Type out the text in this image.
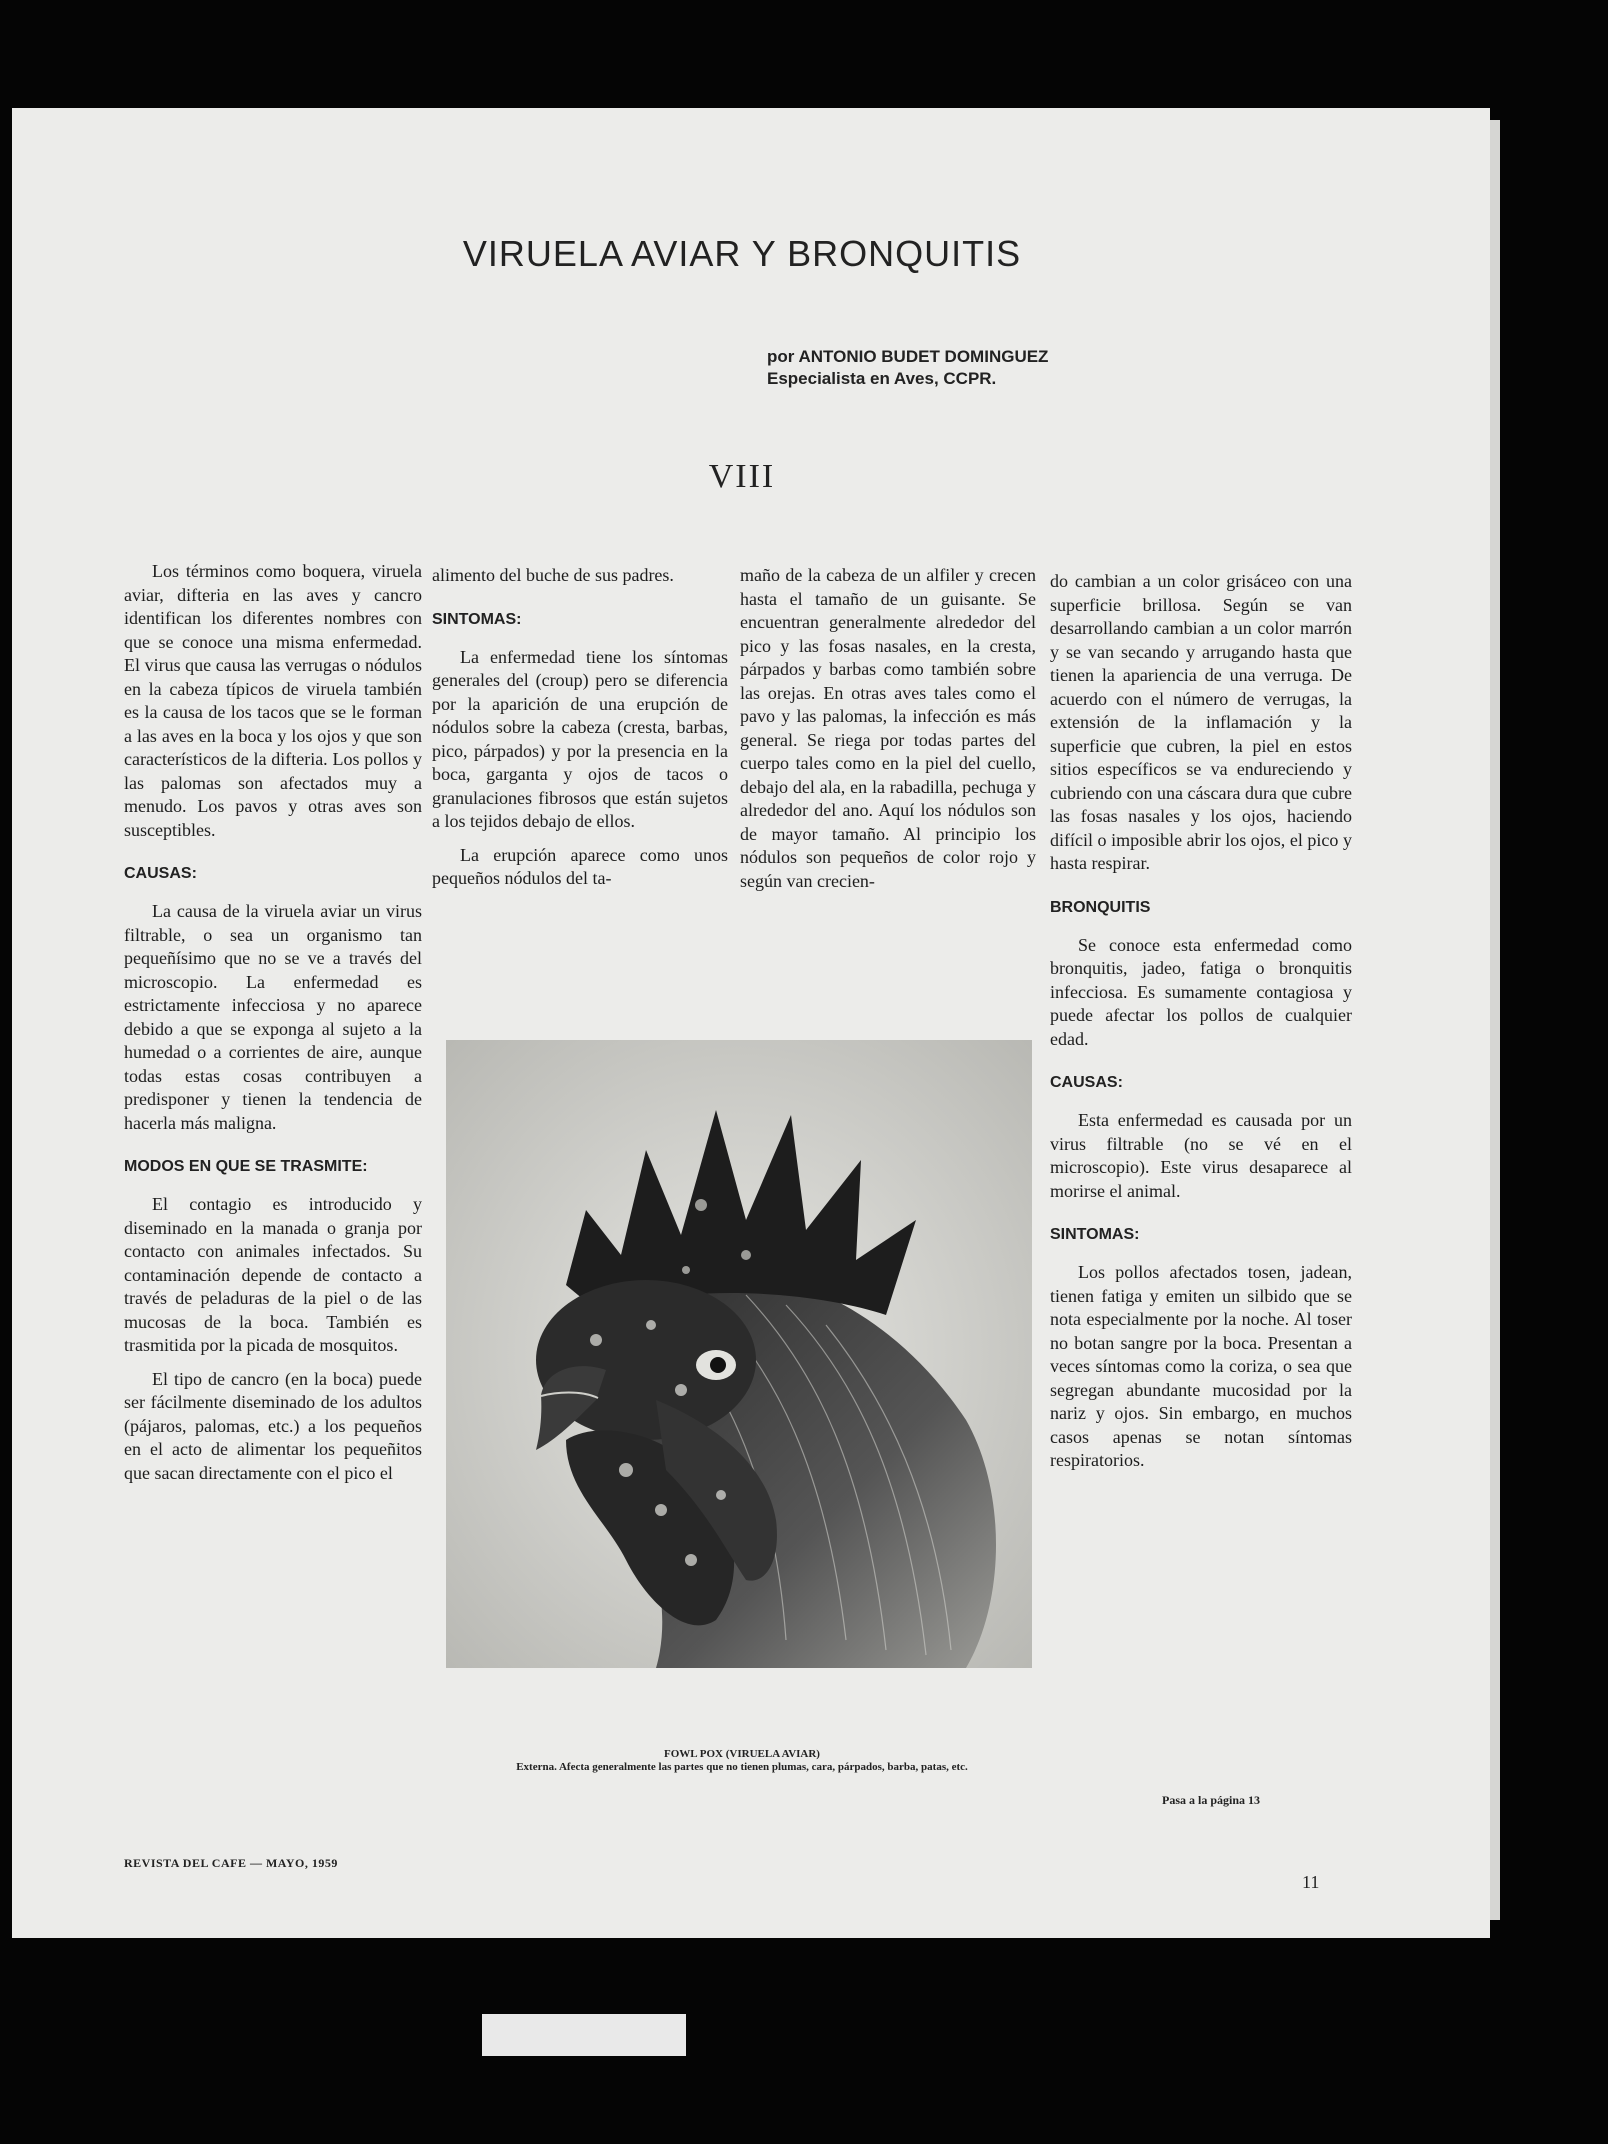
VIRUELA AVIAR Y BRONQUITIS
por ANTONIO BUDET DOMINGUEZ
Especialista en Aves, CCPR.
VIII

Los términos como boquera, viruela aviar, difteria en las aves y cancro identifican los diferentes nombres con que se conoce una misma enfermedad. El virus que causa las verrugas o nódulos en la cabeza típicos de viruela también es la causa de los tacos que se le forman a las aves en la boca y los ojos y que son característicos de la difteria. Los pollos y las palomas son afectados muy a menudo. Los pavos y otras aves son susceptibles.

CAUSAS:

La causa de la viruela aviar un virus filtrable, o sea un organismo tan pequeñísimo que no se ve a través del microscopio. La enfermedad es estrictamente infecciosa y no aparece debido a que se exponga al sujeto a la humedad o a corrientes de aire, aunque todas estas cosas contribuyen a predisponer y tienen la tendencia de hacerla más maligna.

MODOS EN QUE SE TRASMITE:

El contagio es introducido y diseminado en la manada o granja por contacto con animales infectados. Su contaminación depende de contacto a través de peladuras de la piel o de las mucosas de la boca. También es trasmitida por la picada de mosquitos.

El tipo de cancro (en la boca) puede ser fácilmente diseminado de los adultos (pájaros, palomas, etc.) a los pequeños en el acto de alimentar los pequeñitos que sacan directamente con el pico el

alimento del buche de sus padres.

SINTOMAS:

La enfermedad tiene los síntomas generales del (croup) pero se diferencia por la aparición de una erupción de nódulos sobre la cabeza (cresta, barbas, pico, párpados) y por la presencia en la boca, garganta y ojos de tacos o granulaciones fibrosos que están sujetos a los tejidos debajo de ellos.

La erupción aparece como unos pequeños nódulos del ta-

maño de la cabeza de un alfiler y crecen hasta el tamaño de un guisante. Se encuentran generalmente alrededor del pico y las fosas nasales, en la cresta, párpados y barbas como también sobre las orejas. En otras aves tales como el pavo y las palomas, la infección es más general. Se riega por todas partes del cuerpo tales como en la piel del cuello, debajo del ala, en la rabadilla, pechuga y alrededor del ano. Aquí los nódulos son de mayor tamaño. Al principio los nódulos son pequeños de color rojo y según van crecien-

do cambian a un color grisáceo con una superficie brillosa. Según se van desarrollando cambian a un color marrón y se van secando y arrugando hasta que tienen la apariencia de una verruga. De acuerdo con el número de verrugas, la extensión de la inflamación y la superficie que cubren, la piel en estos sitios específicos se va endureciendo y cubriendo con una cáscara dura que cubre las fosas nasales y los ojos, haciendo difícil o imposible abrir los ojos, el pico y hasta respirar.

BRONQUITIS

Se conoce esta enfermedad como bronquitis, jadeo, fatiga o bronquitis infecciosa. Es sumamente contagiosa y puede afectar los pollos de cualquier edad.

CAUSAS:

Esta enfermedad es causada por un virus filtrable (no se vé en el microscopio). Este virus desaparece al morirse el animal.

SINTOMAS:

Los pollos afectados tosen, jadean, tienen fatiga y emiten un silbido que se nota especialmente por la noche. Al toser no botan sangre por la boca. Presentan a veces síntomas como la coriza, o sea que segregan abundante mucosidad por la nariz y ojos. Sin embargo, en muchos casos apenas se notan síntomas respiratorios.

FOWL POX (VIRUELA AVIAR)
Externa. Afecta generalmente las partes que no tienen plumas, cara, párpados, barba, patas, etc.
Pasa a la página 13
REVISTA DEL CAFE — MAYO, 1959
11
